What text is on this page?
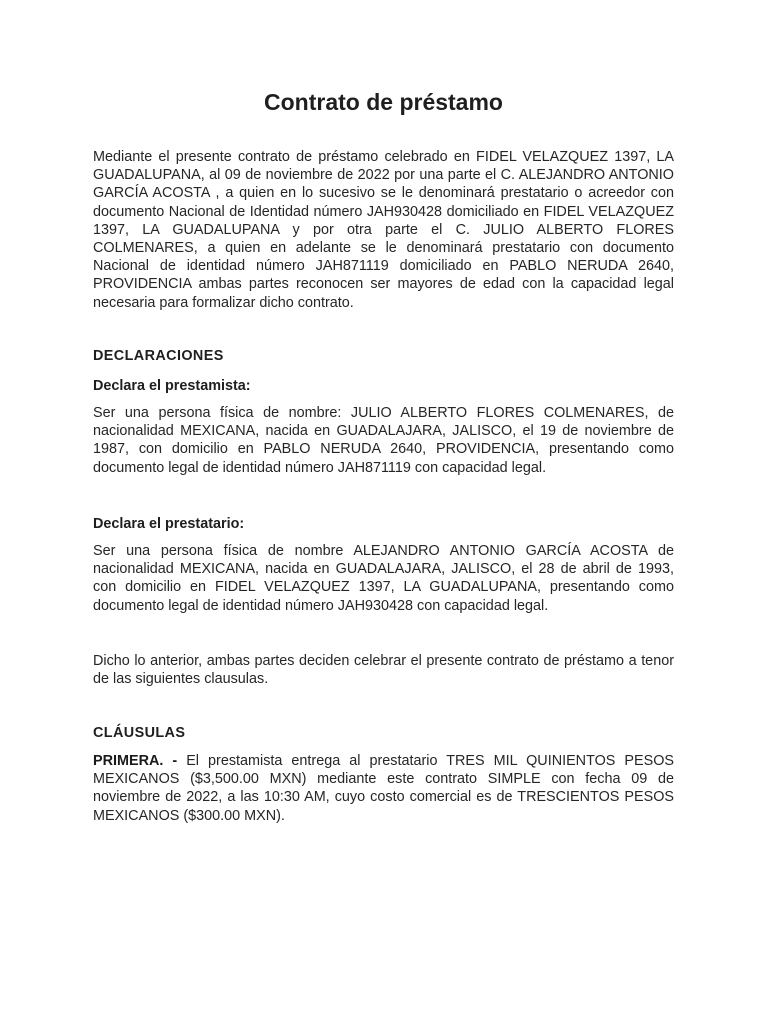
Contrato de préstamo

Mediante el presente contrato de préstamo celebrado en FIDEL VELAZQUEZ 1397, LA GUADALUPANA, al 09 de noviembre de 2022 por una parte el C. ALEJANDRO ANTONIO GARCÍA ACOSTA , a quien en lo sucesivo se le denominará prestatario o acreedor con documento Nacional de Identidad número JAH930428 domiciliado en FIDEL VELAZQUEZ 1397, LA GUADALUPANA y por otra parte el C. JULIO ALBERTO FLORES COLMENARES, a quien en adelante se le denominará prestatario con documento Nacional de identidad número JAH871119 domiciliado en PABLO NERUDA 2640, PROVIDENCIA ambas partes reconocen ser mayores de edad con la capacidad legal necesaria para formalizar dicho contrato.

DECLARACIONES

Declara el prestamista:

Ser una persona física de nombre: JULIO ALBERTO FLORES COLMENARES, de nacionalidad MEXICANA, nacida en GUADALAJARA, JALISCO, el 19 de noviembre de 1987, con domicilio en PABLO NERUDA 2640, PROVIDENCIA, presentando como documento legal de identidad número JAH871119 con capacidad legal.

Declara el prestatario:

Ser una persona física de nombre ALEJANDRO ANTONIO GARCÍA ACOSTA de nacionalidad MEXICANA, nacida en GUADALAJARA, JALISCO, el 28 de abril de 1993, con domicilio en FIDEL VELAZQUEZ 1397, LA GUADALUPANA, presentando como documento legal de identidad número JAH930428 con capacidad legal.

Dicho lo anterior, ambas partes deciden celebrar el presente contrato de préstamo a tenor de las siguientes clausulas.

CLÁUSULAS

PRIMERA. - El prestamista entrega al prestatario TRES MIL QUINIENTOS PESOS MEXICANOS ($3,500.00 MXN) mediante este contrato SIMPLE con fecha 09 de noviembre de 2022, a las 10:30 AM, cuyo costo comercial es de TRESCIENTOS PESOS MEXICANOS ($300.00 MXN).
